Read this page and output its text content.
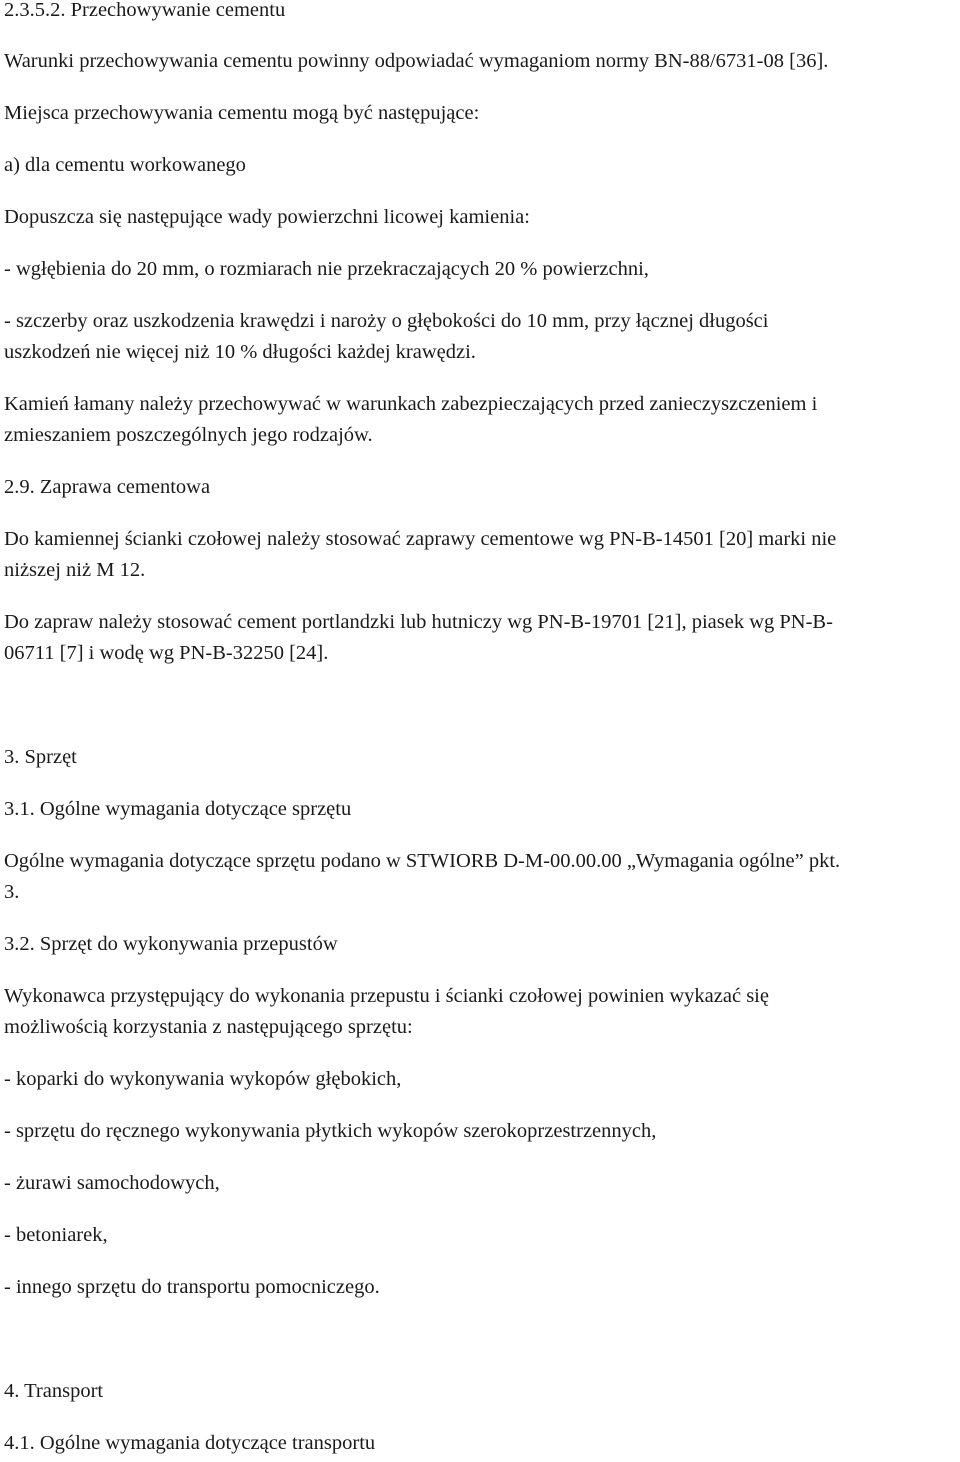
2.3.5.2. Przechowywanie cementu

Warunki przechowywania cementu powinny odpowiadać wymaganiom normy BN-88/6731-08 [36].

Miejsca przechowywania cementu mogą być następujące:

a) dla cementu workowanego

Dopuszcza się następujące wady powierzchni licowej kamienia:

- wgłębienia do 20 mm, o rozmiarach nie przekraczających 20 % powierzchni,

- szczerby oraz uszkodzenia krawędzi i naroży o głębokości do 10 mm, przy łącznej długości

uszkodzeń nie więcej niż 10 % długości każdej krawędzi.

Kamień łamany należy przechowywać w warunkach zabezpieczających przed zanieczyszczeniem i

zmieszaniem poszczególnych jego rodzajów.

2.9. Zaprawa cementowa

Do kamiennej ścianki czołowej należy stosować zaprawy cementowe wg PN-B-14501 [20] marki nie

niższej niż M 12.

Do zapraw należy stosować cement portlandzki lub hutniczy wg PN-B-19701 [21], piasek wg PN-B-

06711 [7] i wodę wg PN-B-32250 [24].

3. Sprzęt

3.1. Ogólne wymagania dotyczące sprzętu

Ogólne wymagania dotyczące sprzętu podano w STWIORB D-M-00.00.00 „Wymagania ogólne” pkt.

3.

3.2. Sprzęt do wykonywania przepustów

Wykonawca przystępujący do wykonania przepustu i ścianki czołowej powinien wykazać się

możliwością korzystania z następującego sprzętu:

- koparki do wykonywania wykopów głębokich,

- sprzętu do ręcznego wykonywania płytkich wykopów szerokoprzestrzennych,

- żurawi samochodowych,

- betoniarek,

- innego sprzętu do transportu pomocniczego.

4. Transport

4.1. Ogólne wymagania dotyczące transportu
